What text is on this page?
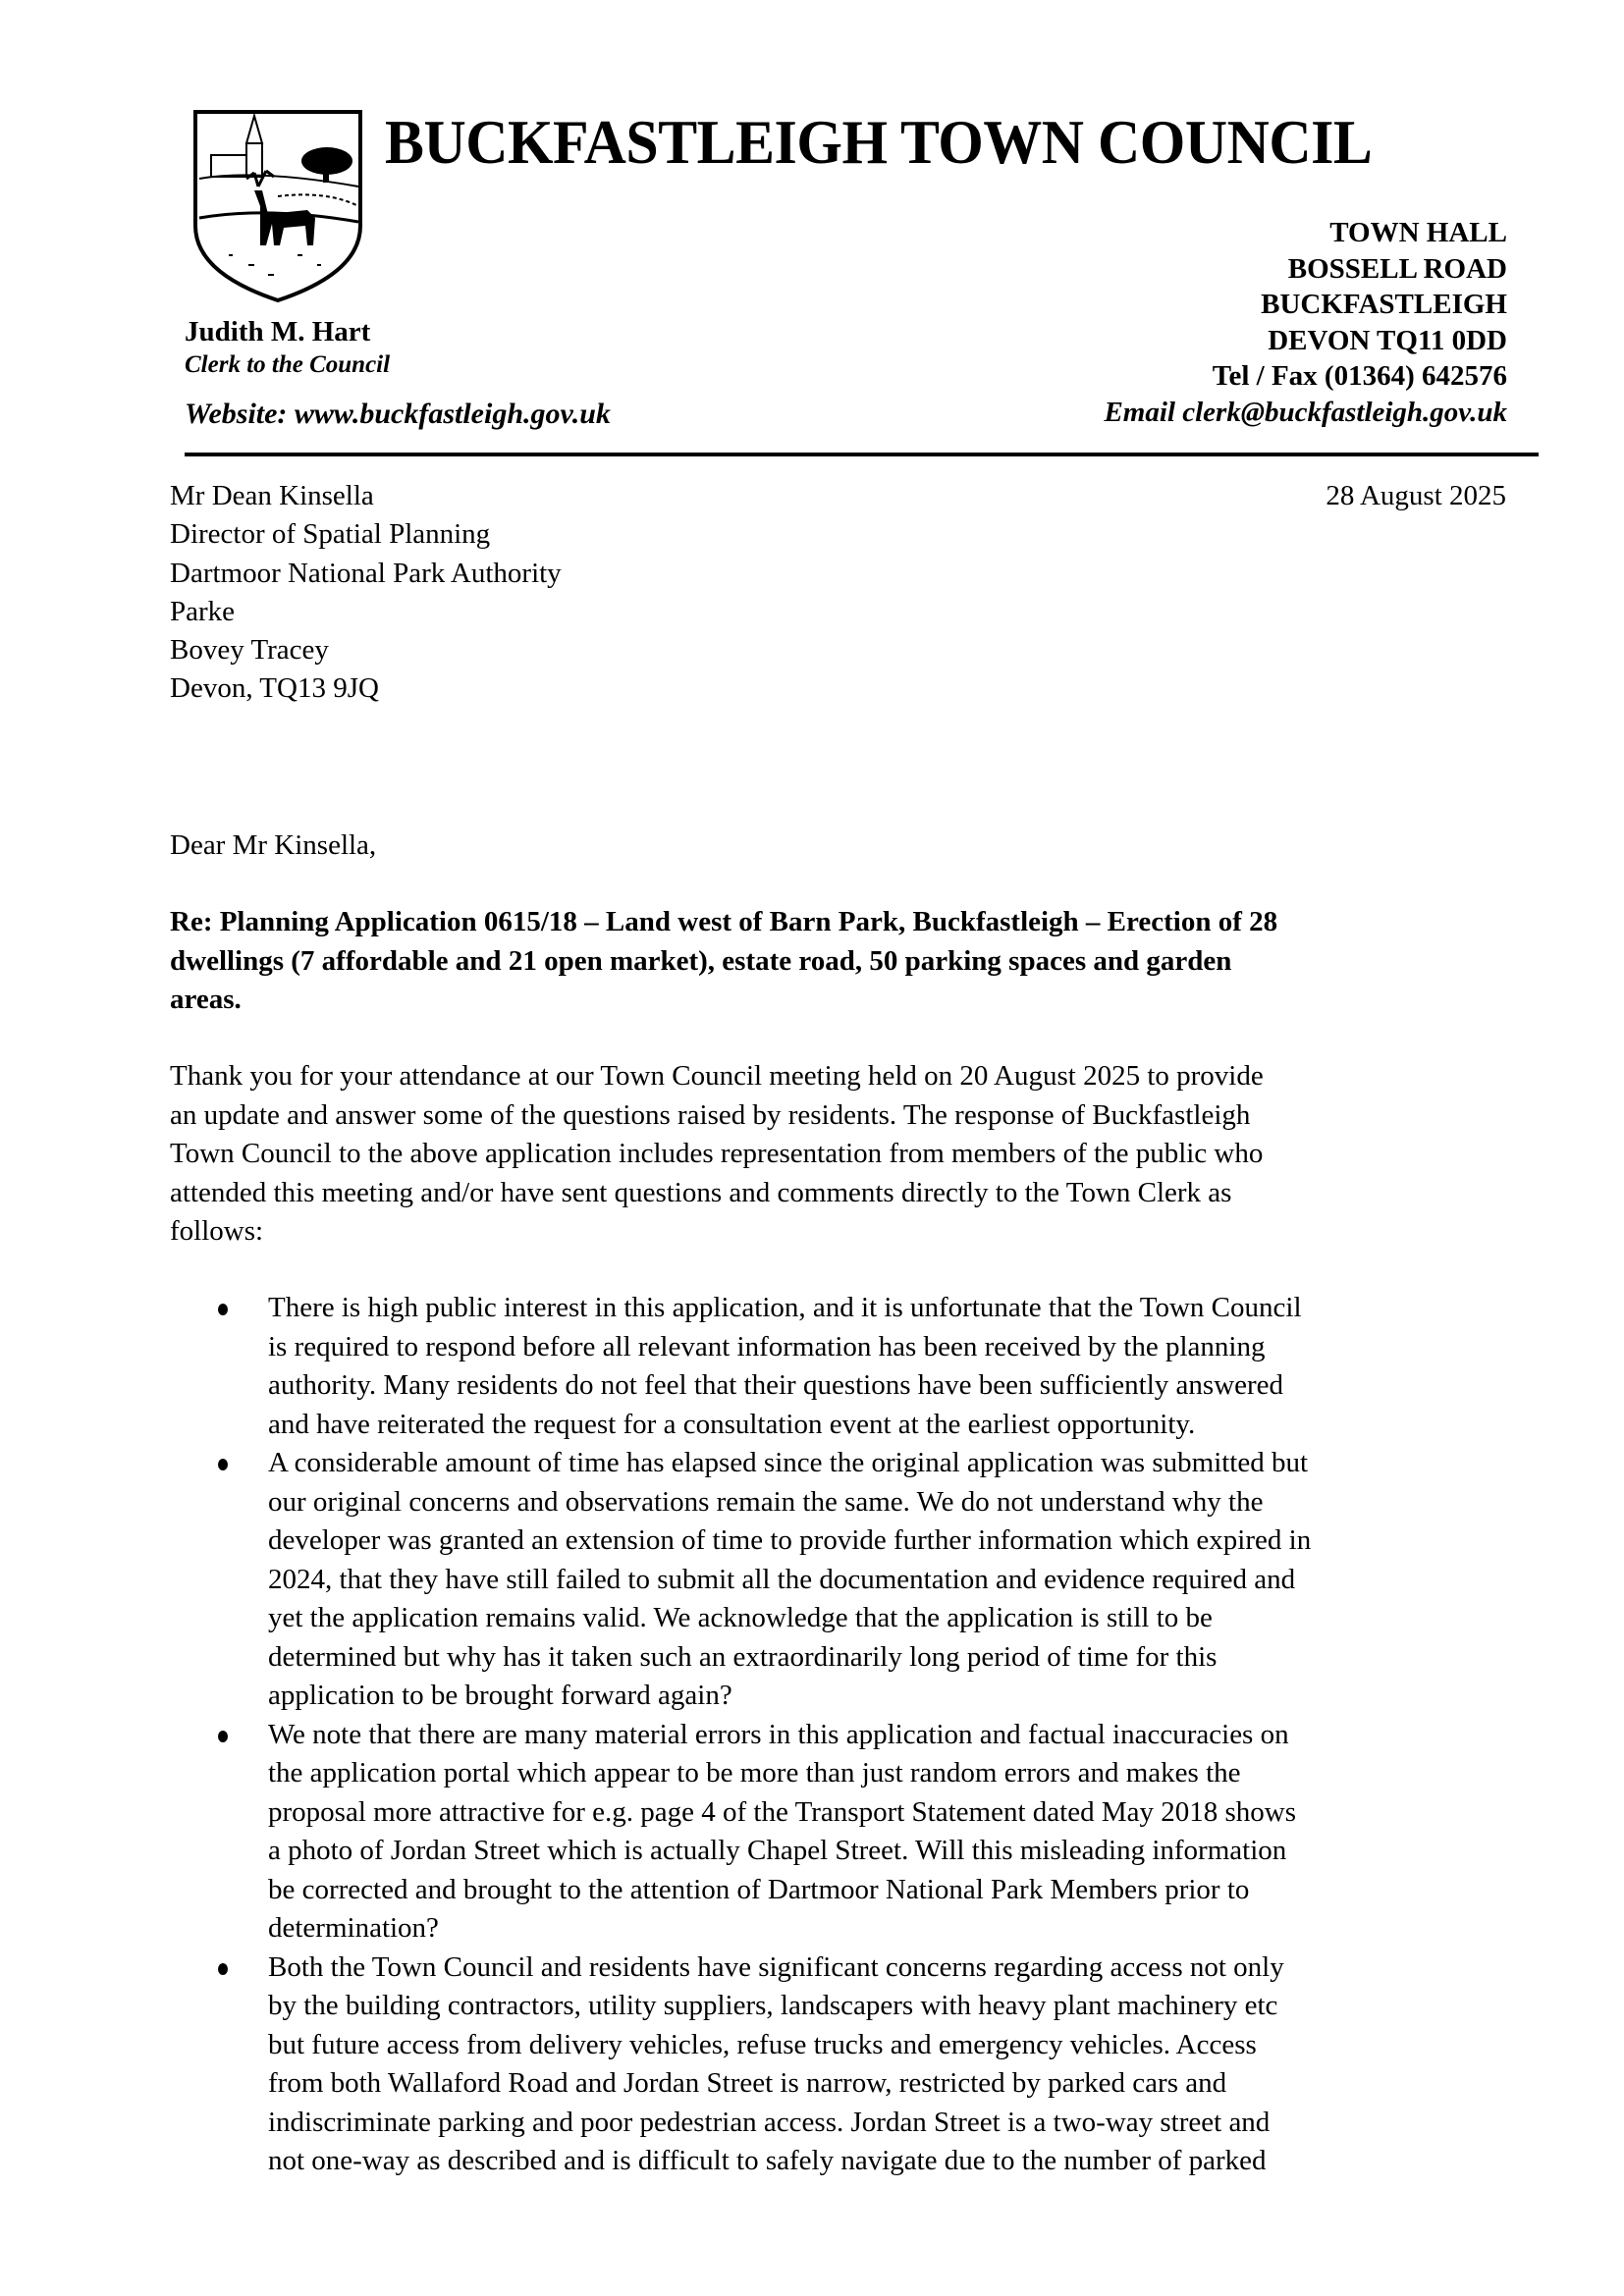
BUCKFASTLEIGH TOWN COUNCIL
TOWN HALL
BOSSELL ROAD
BUCKFASTLEIGH
DEVON TQ11 0DD
Tel / Fax (01364) 642576
Email clerk@buckfastleigh.gov.uk
Judith M. Hart
Clerk to the Council
Website: www.buckfastleigh.gov.uk
28 August 2025
Mr Dean Kinsella
Director of Spatial Planning
Dartmoor National Park Authority
Parke
Bovey Tracey
Devon, TQ13 9JQ
Dear Mr Kinsella,
Re: Planning Application 0615/18 – Land west of Barn Park, Buckfastleigh – Erection of 28
dwellings (7 affordable and 21 open market), estate road, 50 parking spaces and garden
areas.
Thank you for your attendance at our Town Council meeting held on 20 August 2025 to provide
an update and answer some of the questions raised by residents. The response of Buckfastleigh
Town Council to the above application includes representation from members of the public who
attended this meeting and/or have sent questions and comments directly to the Town Clerk as
follows:
There is high public interest in this application, and it is unfortunate that the Town Council
is required to respond before all relevant information has been received by the planning
authority. Many residents do not feel that their questions have been sufficiently answered
and have reiterated the request for a consultation event at the earliest opportunity.
A considerable amount of time has elapsed since the original application was submitted but
our original concerns and observations remain the same. We do not understand why the
developer was granted an extension of time to provide further information which expired in
2024, that they have still failed to submit all the documentation and evidence required and
yet the application remains valid. We acknowledge that the application is still to be
determined but why has it taken such an extraordinarily long period of time for this
application to be brought forward again?
We note that there are many material errors in this application and factual inaccuracies on
the application portal which appear to be more than just random errors and makes the
proposal more attractive for e.g. page 4 of the Transport Statement dated May 2018 shows
a photo of Jordan Street which is actually Chapel Street. Will this misleading information
be corrected and brought to the attention of Dartmoor National Park Members prior to
determination?
Both the Town Council and residents have significant concerns regarding access not only
by the building contractors, utility suppliers, landscapers with heavy plant machinery etc
but future access from delivery vehicles, refuse trucks and emergency vehicles. Access
from both Wallaford Road and Jordan Street is narrow, restricted by parked cars and
indiscriminate parking and poor pedestrian access. Jordan Street is a two-way street and
not one-way as described and is difficult to safely navigate due to the number of parked
